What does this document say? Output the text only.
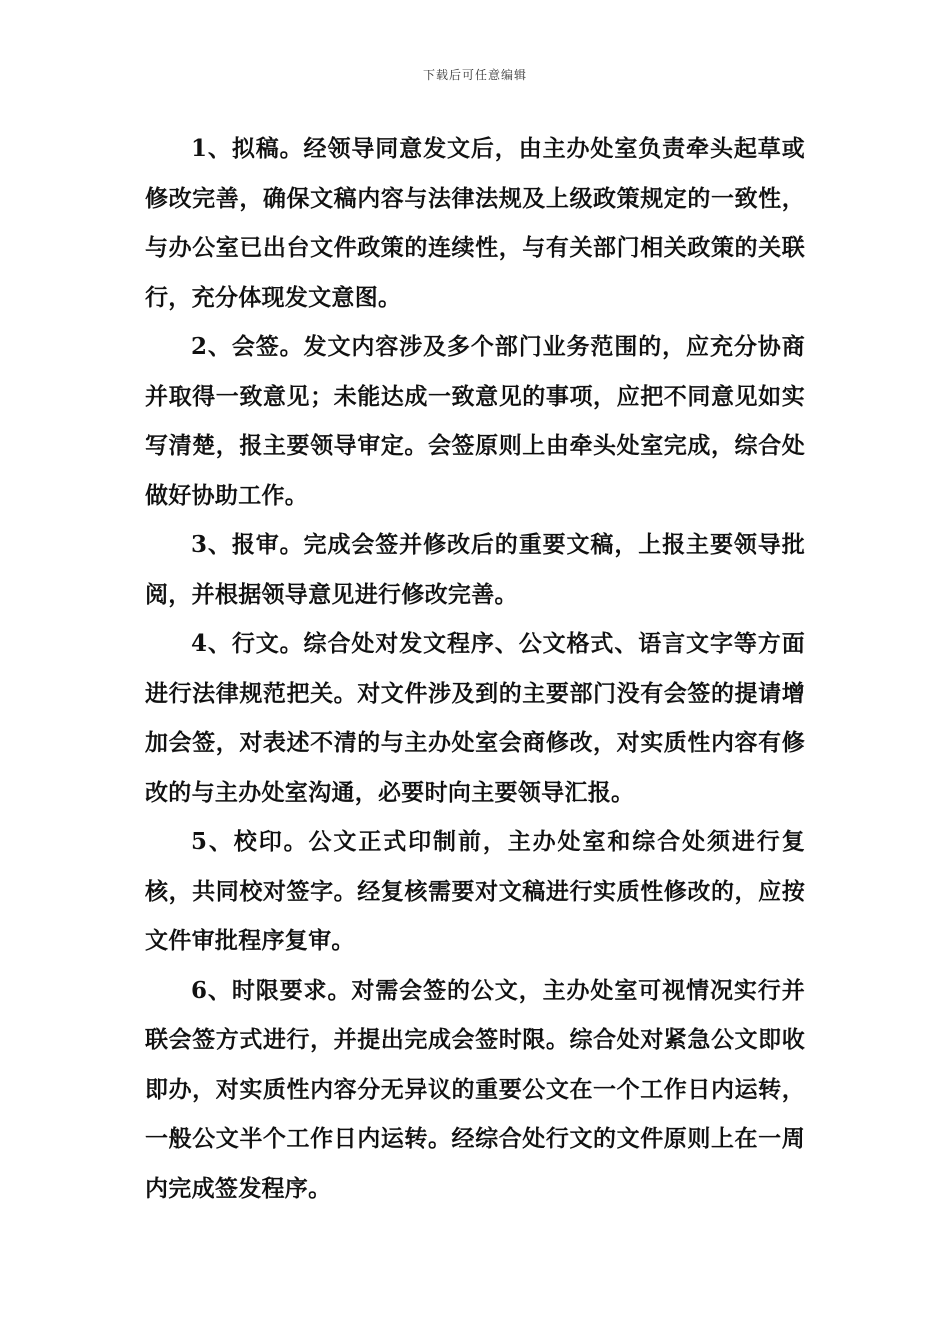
下载后可任意编辑

1、拟稿。经领导同意发文后，由主办处室负责牵头起草或修改完善，确保文稿内容与法律法规及上级政策规定的一致性，与办公室已出台文件政策的连续性，与有关部门相关政策的关联行，充分体现发文意图。

2、会签。发文内容涉及多个部门业务范围的，应充分协商并取得一致意见；未能达成一致意见的事项，应把不同意见如实写清楚，报主要领导审定。会签原则上由牵头处室完成，综合处做好协助工作。

3、报审。完成会签并修改后的重要文稿，上报主要领导批阅，并根据领导意见进行修改完善。

4、行文。综合处对发文程序、公文格式、语言文字等方面进行法律规范把关。对文件涉及到的主要部门没有会签的提请增加会签，对表述不清的与主办处室会商修改，对实质性内容有修改的与主办处室沟通，必要时向主要领导汇报。

5、校印。公文正式印制前，主办处室和综合处须进行复核，共同校对签字。经复核需要对文稿进行实质性修改的，应按文件审批程序复审。

6、时限要求。对需会签的公文，主办处室可视情况实行并联会签方式进行，并提出完成会签时限。综合处对紧急公文即收即办，对实质性内容分无异议的重要公文在一个工作日内运转，一般公文半个工作日内运转。经综合处行文的文件原则上在一周内完成签发程序。
